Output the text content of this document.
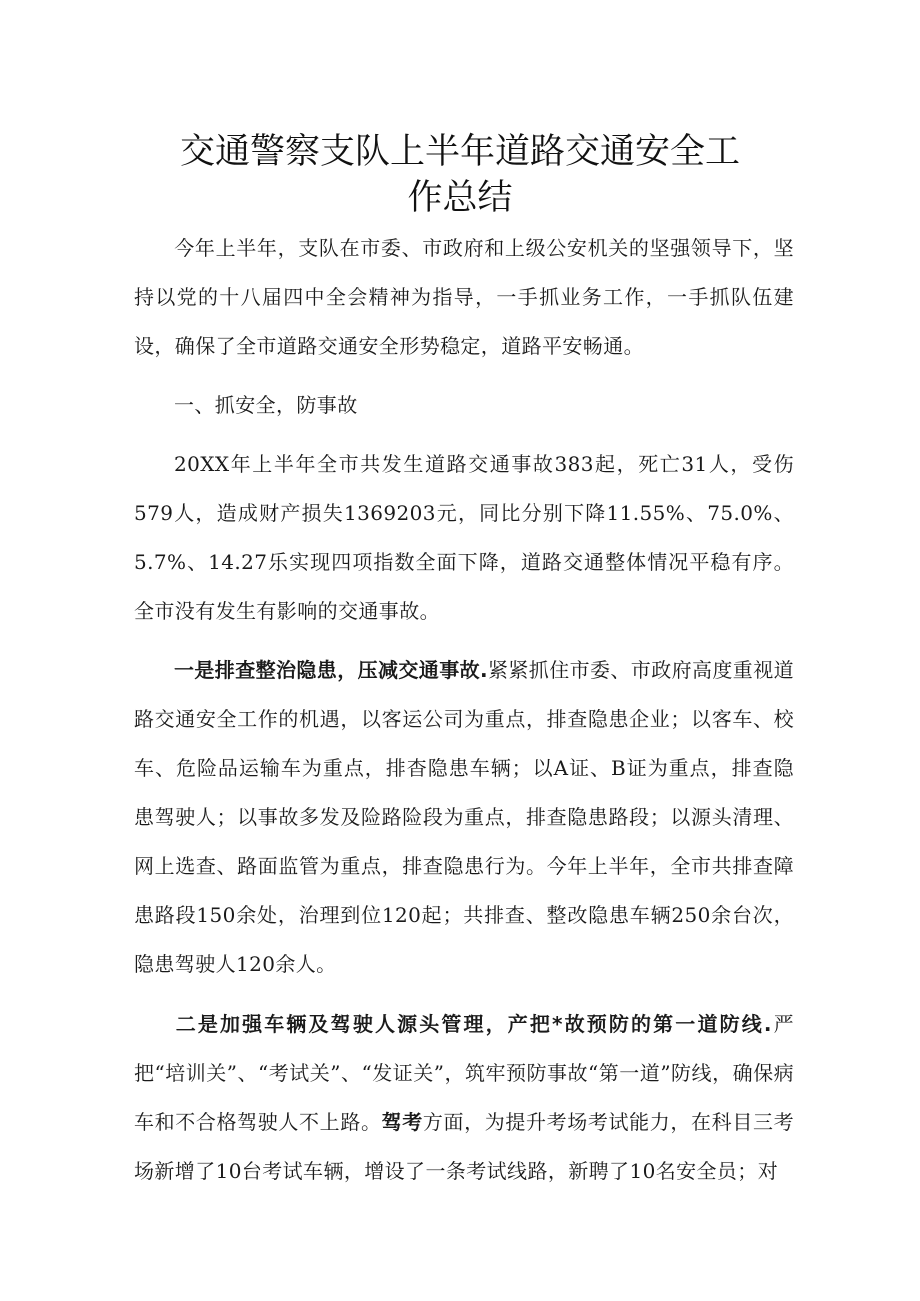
交通警察支队上半年道路交通安全工
作总结
今年上半年，支队在市委、市政府和上级公安机关的坚强领导下，坚持以党的十八届四中全会精神为指导，一手抓业务工作，一手抓队伍建设，确保了全市道路交通安全形势稳定，道路平安畅通。
一、抓安全，防事故
20XX年上半年全市共发生道路交通事故383起，死亡31人，受伤579人，造成财产损失1369203元，同比分别下降11.55%、75.0%、5.7%、14.27乐实现四项指数全面下降，道路交通整体情况平稳有序。全市没有发生有影响的交通事故。
一是排查整治隐患，压减交通事故.紧紧抓住市委、市政府高度重视道路交通安全工作的机遇，以客运公司为重点，排查隐患企业；以客车、校车、危险品运输车为重点，排杳隐患车辆；以A证、B证为重点，排查隐患驾驶人；以事故多发及险路险段为重点，排查隐患路段；以源头清理、网上选查、路面监管为重点，排查隐患行为。今年上半年，全市共排查障患路段150余处，治理到位120起；共排查、整改隐患车辆250余台次，隐患驾驶人120余人。
二是加强车辆及驾驶人源头管理，产把*故预防的第一道防线.严把“培训关”、“考试关”、“发证关”，筑牢预防事故“第一道”防线，确保病车和不合格驾驶人不上路。驾考方面，为提升考场考试能力，在科目三考场新增了10台考试车辆，增设了一条考试线路，新聘了10名安全员；对
